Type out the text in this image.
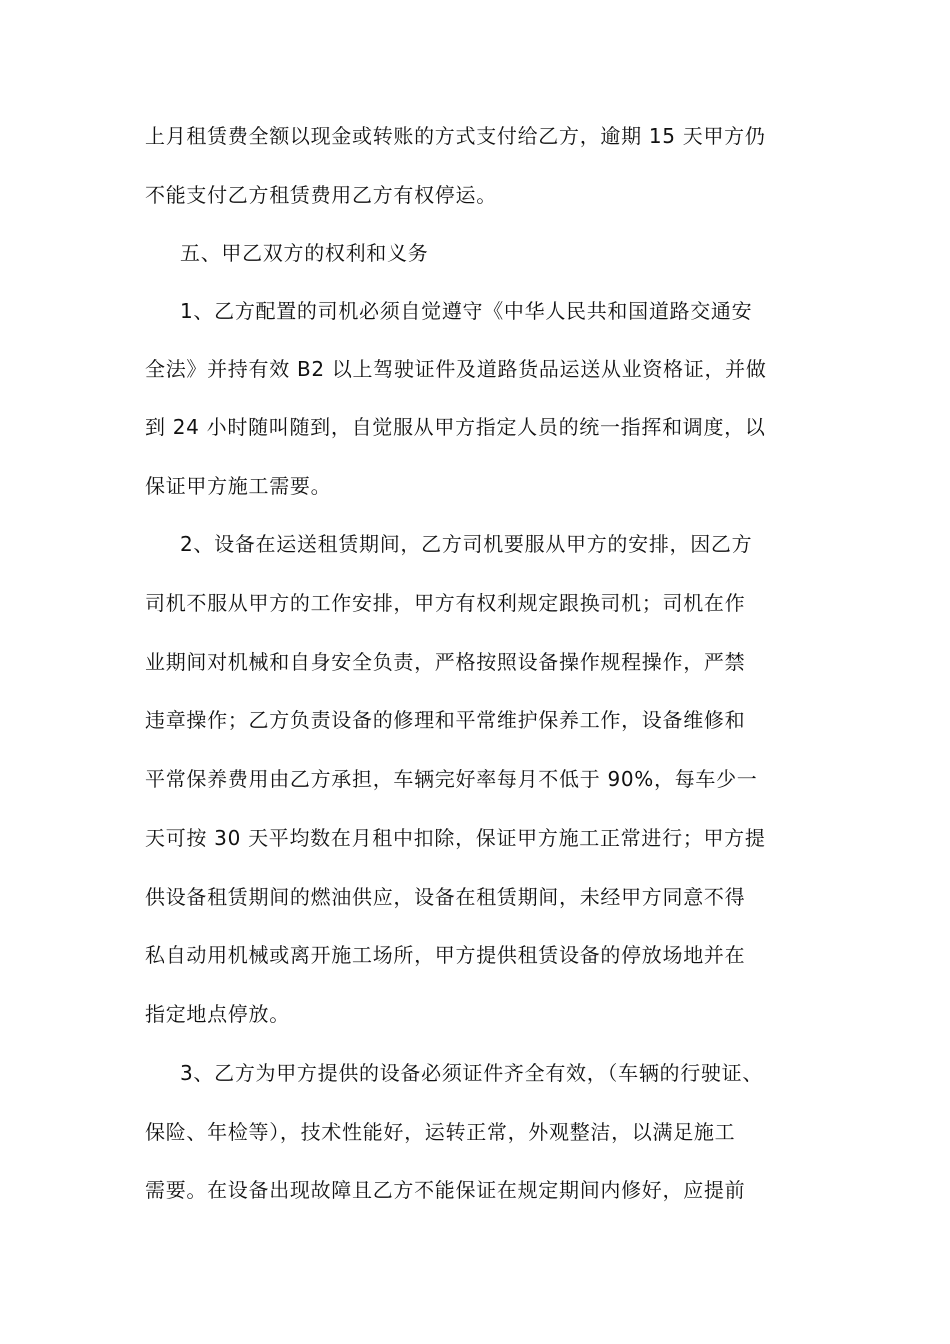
上月租赁费全额以现金或转账的方式支付给乙方，逾期 15 天甲方仍
不能支付乙方租赁费用乙方有权停运。
五、甲乙双方的权利和义务
1、乙方配置的司机必须自觉遵守《中华人民共和国道路交通安
全法》并持有效 B2 以上驾驶证件及道路货品运送从业资格证，并做
到 24 小时随叫随到，自觉服从甲方指定人员的统一指挥和调度，以
保证甲方施工需要。
2、设备在运送租赁期间，乙方司机要服从甲方的安排，因乙方
司机不服从甲方的工作安排，甲方有权利规定跟换司机；司机在作
业期间对机械和自身安全负责，严格按照设备操作规程操作，严禁
违章操作；乙方负责设备的修理和平常维护保养工作，设备维修和
平常保养费用由乙方承担，车辆完好率每月不低于 90%，每车少一
天可按 30 天平均数在月租中扣除，保证甲方施工正常进行；甲方提
供设备租赁期间的燃油供应，设备在租赁期间，未经甲方同意不得
私自动用机械或离开施工场所，甲方提供租赁设备的停放场地并在
指定地点停放。
3、乙方为甲方提供的设备必须证件齐全有效，（车辆的行驶证、
保险、年检等），技术性能好，运转正常，外观整洁，以满足施工
需要。在设备出现故障且乙方不能保证在规定期间内修好，应提前
